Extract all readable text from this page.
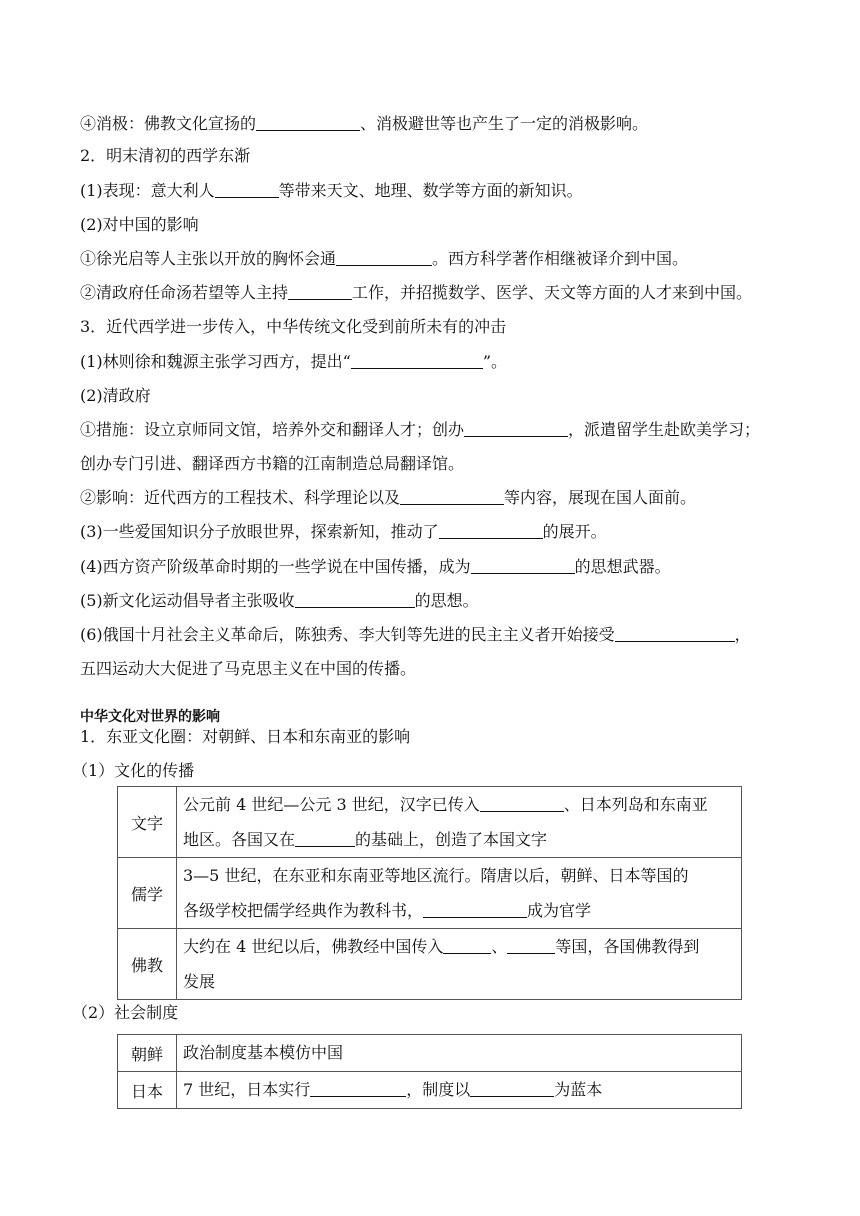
④消极：佛教文化宣扬的	、消极避世等也产生了一定的消极影响。
2．明末清初的西学东渐
(1)表现：意大利人	等带来天文、地理、数学等方面的新知识。
(2)对中国的影响
①徐光启等人主张以开放的胸怀会通	。西方科学著作相继被译介到中国。
②清政府任命汤若望等人主持	工作，并招揽数学、医学、天文等方面的人才来到中国。
3．近代西学进一步传入，中华传统文化受到前所未有的冲击
(1)林则徐和魏源主张学习西方，提出“	”。
(2)清政府
①措施：设立京师同文馆，培养外交和翻译人才；创办	，派遣留学生赴欧美学习；
创办专门引进、翻译西方书籍的江南制造总局翻译馆。
②影响：近代西方的工程技术、科学理论以及	等内容，展现在国人面前。
(3)一些爱国知识分子放眼世界，探索新知，推动了	的展开。
(4)西方资产阶级革命时期的一些学说在中国传播，成为	的思想武器。
(5)新文化运动倡导者主张吸收	的思想。
(6)俄国十月社会主义革命后，陈独秀、李大钊等先进的民主主义者开始接受	，
五四运动大大促进了马克思主义在中国的传播。
中华文化对世界的影响
1．东亚文化圈：对朝鲜、日本和东南亚的影响
（1）文化的传播
文字	公元前 4 世纪—公元 3 世纪，汉字已传入 、日本列岛和东南亚
地区。各国又在 的基础上，创造了本国文字
儒学	3—5 世纪，在东亚和东南亚等地区流行。隋唐以后，朝鲜、日本等国的
各级学校把儒学经典作为教科书， 成为官学
佛教	大约在 4 世纪以后，佛教经中国传入 、 等国，各国佛教得到
发展
（2）社会制度
朝鲜	政治制度基本模仿中国
日本	7 世纪，日本实行 ，制度以 为蓝本
